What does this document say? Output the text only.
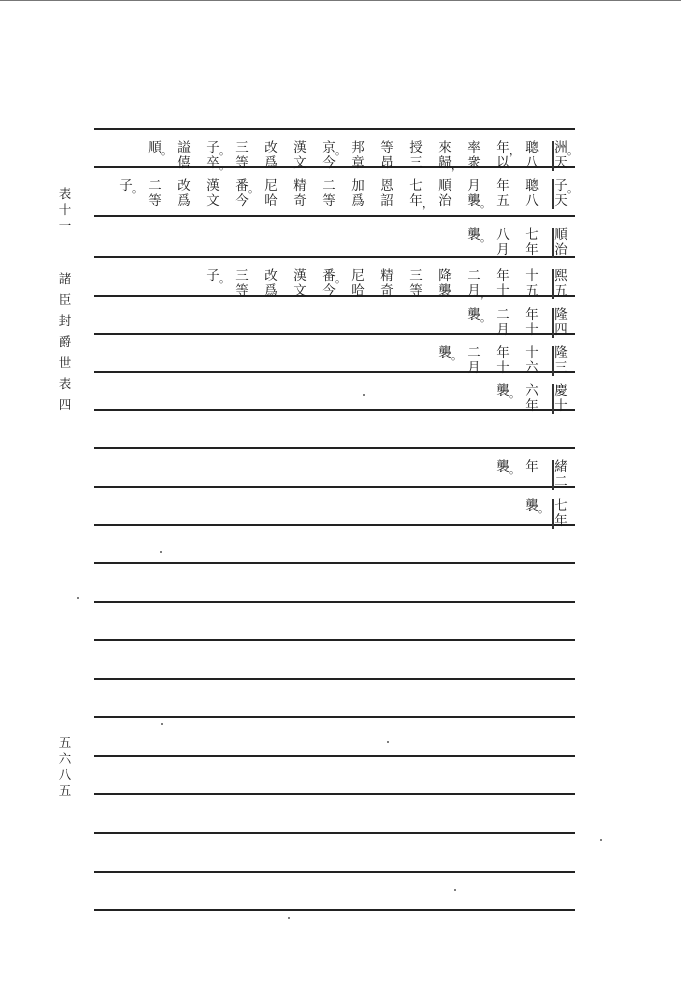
表
十
一
諸
臣
封
爵
世
表
四
五
六
八
五
洲 。
天
聰
八
年 ，
以
率
衆
來
歸 ，
授
三
等
昂
邦
章
京 。
今
漢
文
改
爲
三
等
子 。
卒 。
謚
僖
順 。
子 。
天
聰
八
年
五
月
襲 。
順
治
七
年 ，
恩
詔
加
爲
二
等
精
奇
尼
哈
番 。
今
漢
文
改
爲
二
等
子 。
順
治
七
年
八
月
襲 。
熙
五
十
五
年
十
二
月 ，
降
襲
三
等
精
奇
尼
哈
番 。
今
漢
文
改
爲
三
等
子 。
隆
四
年
十
二
月
襲 。
隆
三
十
六
年
十
二
月
襲 。
慶
十
六
年
襲 。
緒
二
年
襲 。
七
年
襲 。
